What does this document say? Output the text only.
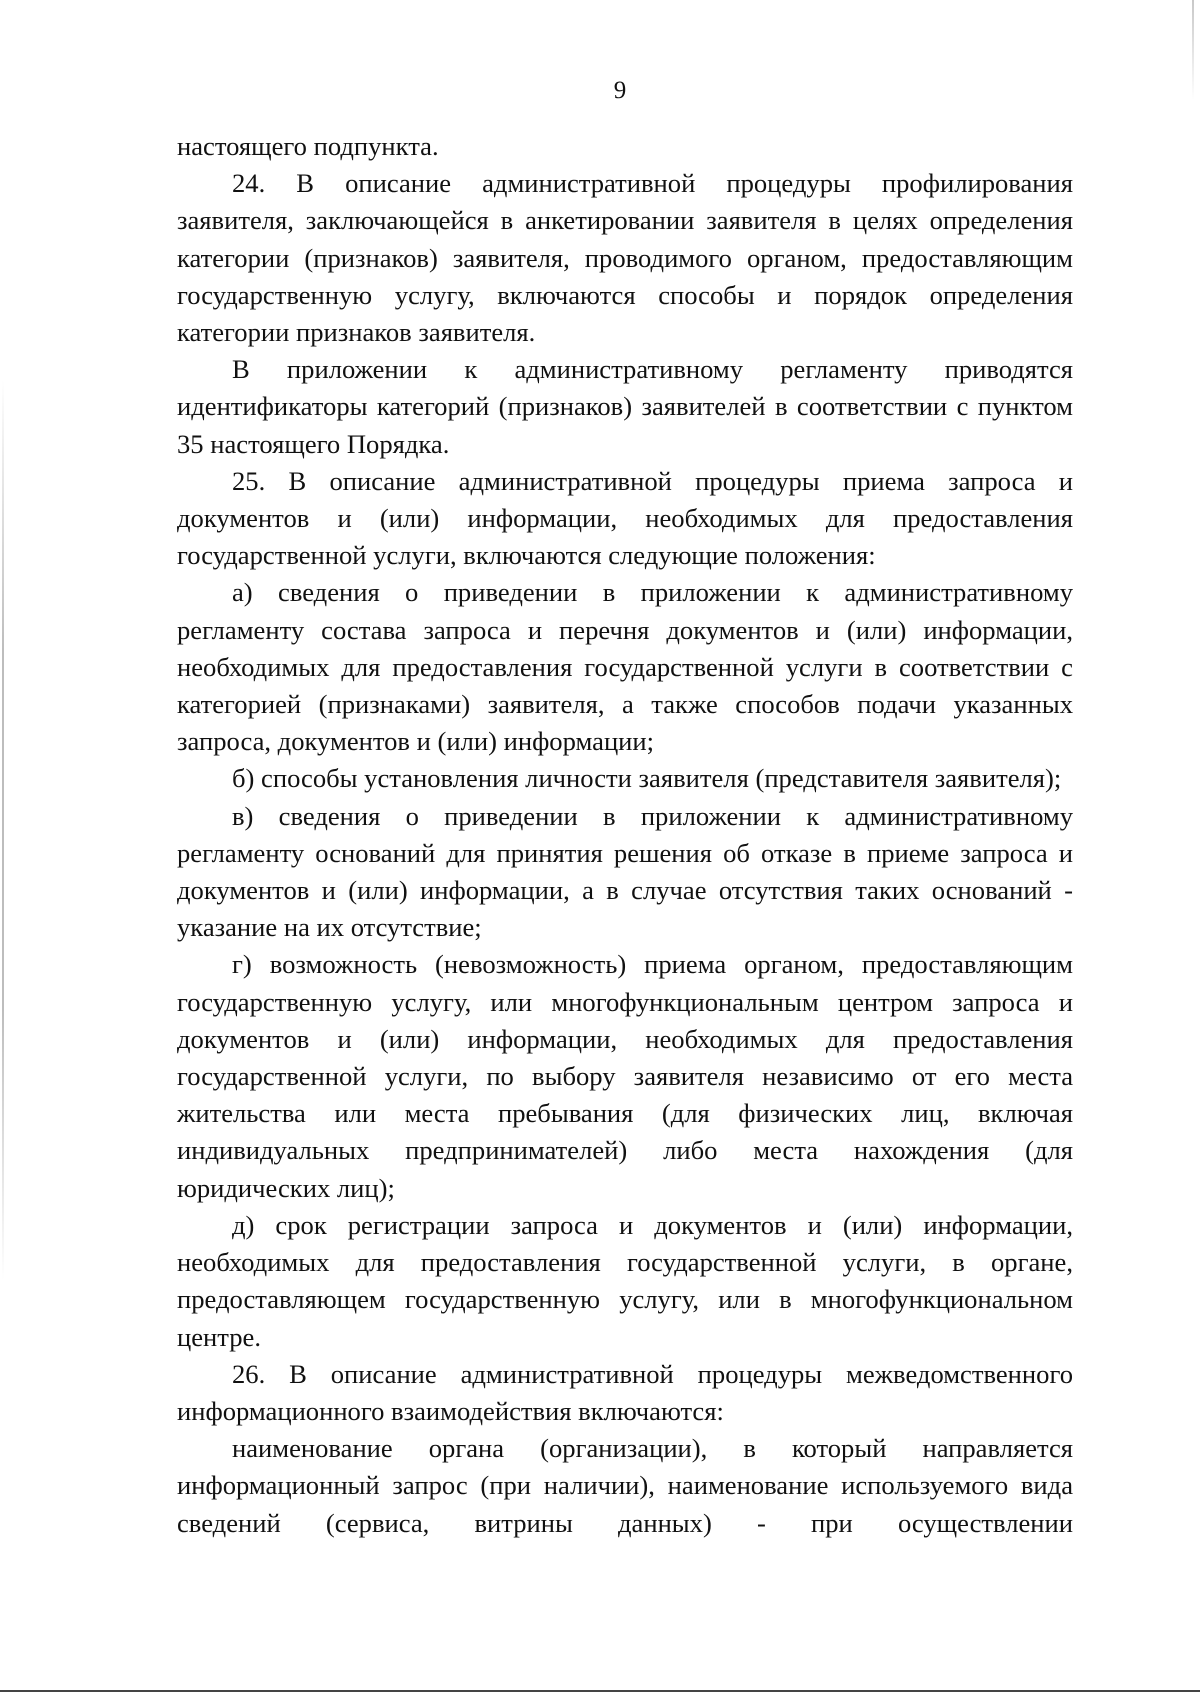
9

настоящего подпункта.

24. В описание административной процедуры профилирования заявителя, заключающейся в анкетировании заявителя в целях определения категории (признаков) заявителя, проводимого органом, предоставляющим государственную услугу, включаются способы и порядок определения категории признаков заявителя.

В приложении к административному регламенту приводятся идентификаторы категорий (признаков) заявителей в соответствии с пунктом 35 настоящего Порядка.

25. В описание административной процедуры приема запроса и документов и (или) информации, необходимых для предоставления государственной услуги, включаются следующие положения:

а) сведения о приведении в приложении к административному регламенту состава запроса и перечня документов и (или) информации, необходимых для предоставления государственной услуги в соответствии с категорией (признаками) заявителя, а также способов подачи указанных запроса, документов и (или) информации;

б) способы установления личности заявителя (представителя заявителя);

в) сведения о приведении в приложении к административному регламенту оснований для принятия решения об отказе в приеме запроса и документов и (или) информации, а в случае отсутствия таких оснований - указание на их отсутствие;

г) возможность (невозможность) приема органом, предоставляющим государственную услугу, или многофункциональным центром запроса и документов и (или) информации, необходимых для предоставления государственной услуги, по выбору заявителя независимо от его места жительства или места пребывания (для физических лиц, включая индивидуальных предпринимателей) либо места нахождения (для юридических лиц);

д) срок регистрации запроса и документов и (или) информации, необходимых для предоставления государственной услуги, в органе, предоставляющем государственную услугу, или в многофункциональном центре.

26. В описание административной процедуры межведомственного информационного взаимодействия включаются:

наименование органа (организации), в который направляется информационный запрос (при наличии), наименование используемого вида сведений (сервиса, витрины данных) - при осуществлении
